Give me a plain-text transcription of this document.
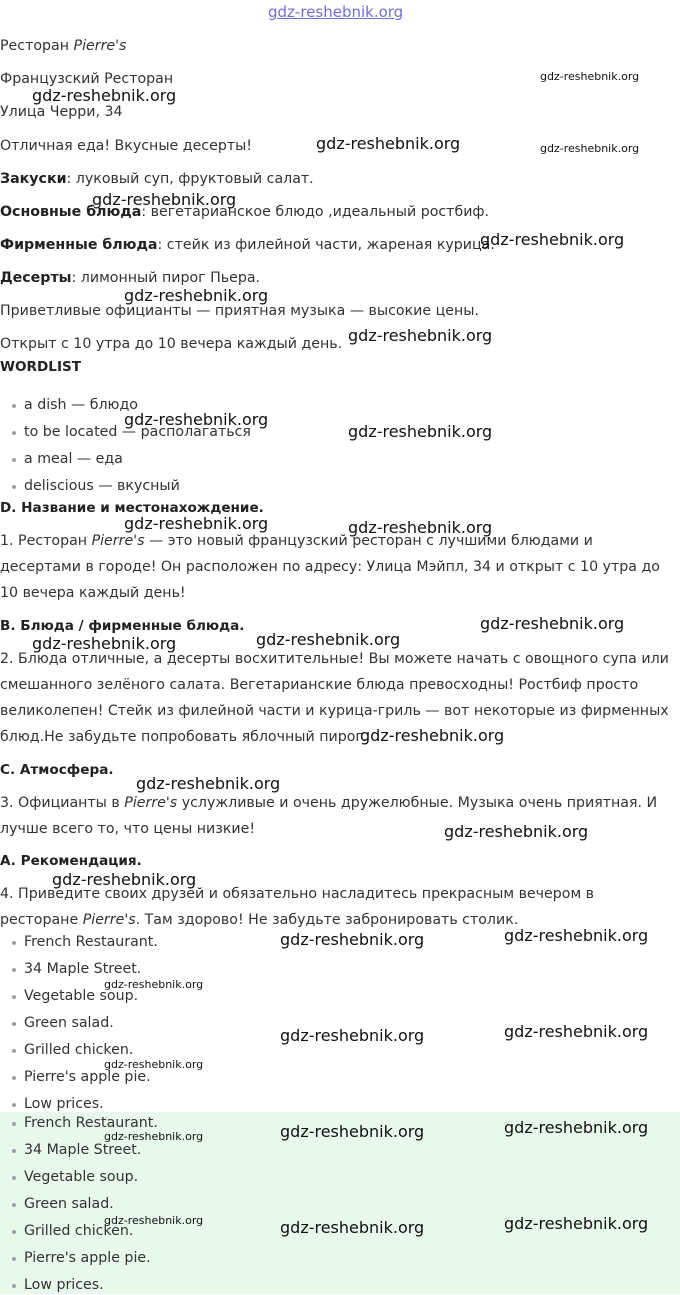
Ресторан Pierre's
Французский Ресторан
Улица Черри, 34
Отличная еда! Вкусные десерты!
Закуски: луковый суп, фруктовый салат.
Основные блюда: вегетарианское блюдо ,идеальный ростбиф.
Фирменные блюда: стейк из филейной части, жареная курица.
Десерты: лимонный пирог Пьера.
Приветливые официанты — приятная музыка — высокие цены.
Открыт с 10 утра до 10 вечера каждый день.
WORDLIST
a dish — блюдо
to be located — располагаться
a meal — еда
deliscious — вкусный
D. Название и местонахождение.
1. Ресторан Pierre's — это новый французский ресторан с лучшими блюдами и десертами в городе! Он расположен по адресу: Улица Мэйпл, 34 и открыт с 10 утра до 10 вечера каждый день!
B. Блюда / фирменные блюда.
2. Блюда отличные, а десерты восхитительные! Вы можете начать с овощного супа или смешанного зелёного салата. Вегетарианские блюда превосходны! Ростбиф просто великолепен! Стейк из филейной части и курица-гриль — вот некоторые из фирменных блюд.Не забудьте попробовать яблочный пирог.
C. Атмосфера.
3. Официанты в Pierre's услужливые и очень дружелюбные. Музыка очень приятная. И лучше всего то, что цены низкие!
A. Рекомендация.
4. Приведите своих друзей и обязательно насладитесь прекрасным вечером в ресторане Pierre's. Там здорово! Не забудьте забронировать столик.
French Restaurant.
34 Maple Street.
Vegetable soup.
Green salad.
Grilled chicken.
Pierre's apple pie.
Low prices.
French Restaurant.
34 Maple Street.
Vegetable soup.
Green salad.
Grilled chicken.
Pierre's apple pie.
Low prices.
gdz-reshebnik.org
gdz-reshebnik.org
gdz-reshebnik.org
gdz-reshebnik.org	gdz-reshebnik.org
gdz-reshebnik.org
gdz-reshebnik.org
gdz-reshebnik.org
gdz-reshebnik.org
gdz-reshebnik.org
gdz-reshebnik.org
gdz-reshebnik.org	gdz-reshebnik.org
gdz-reshebnik.org
gdz-reshebnik.org	gdz-reshebnik.org
gdz-reshebnik.org
gdz-reshebnik.org
gdz-reshebnik.org
gdz-reshebnik.org
gdz-reshebnik.org	gdz-reshebnik.org
gdz-reshebnik.org
gdz-reshebnik.org	gdz-reshebnik.org
gdz-reshebnik.org
gdz-reshebnik.org	gdz-reshebnik.org	gdz-reshebnik.org
gdz-reshebnik.org	gdz-reshebnik.org	gdz-reshebnik.org
